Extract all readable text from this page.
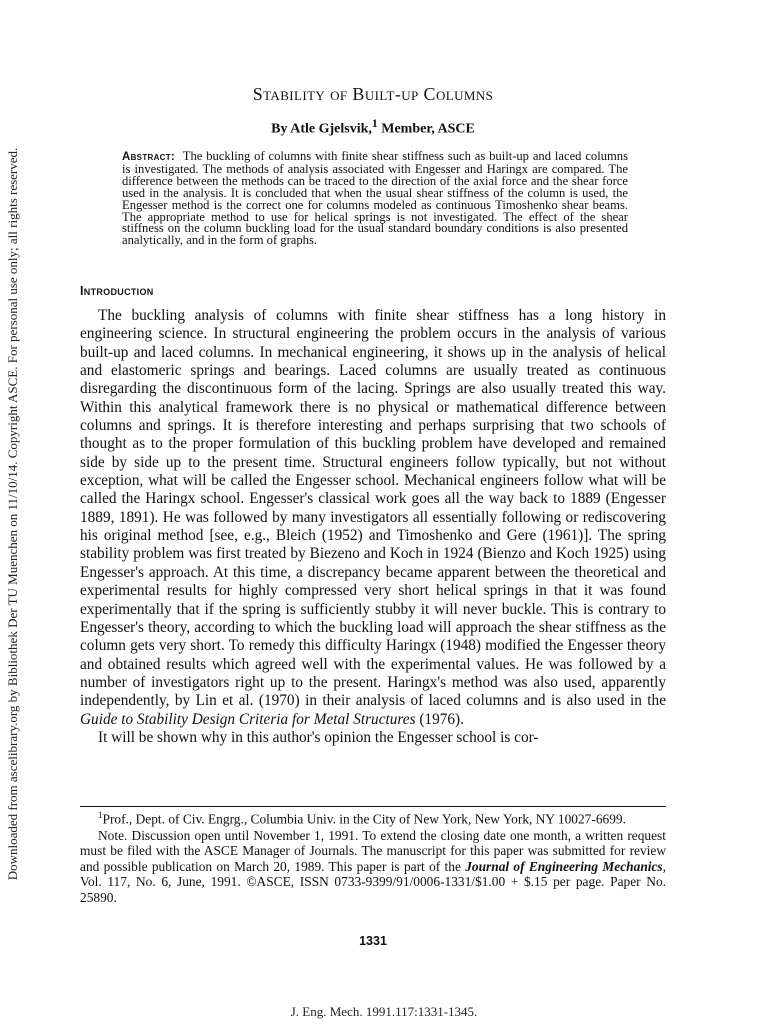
Downloaded from ascelibrary.org by Bibliothek Der TU Muenchen on 11/10/14. Copyright ASCE. For personal use only; all rights reserved.
Stability of Built-up Columns

By Atle Gjelsvik,$^1$ Member, ASCE

Abstract: The buckling of columns with finite shear stiffness such as built-up and laced columns is investigated. The methods of analysis associated with Engesser and Haringx are compared. The difference between the methods can be traced to the direction of the axial force and the shear force used in the analysis. It is concluded that when the usual shear stiffness of the column is used, the Engesser method is the correct one for columns modeled as continuous Timoshenko shear beams. The appropriate method to use for helical springs is not investigated. The effect of the shear stiffness on the column buckling load for the usual standard boundary conditions is also presented analytically, and in the form of graphs.

Introduction

The buckling analysis of columns with finite shear stiffness has a long history in engineering science. In structural engineering the problem occurs in the analysis of various built-up and laced columns. In mechanical engineering, it shows up in the analysis of helical and elastomeric springs and bearings. Laced columns are usually treated as continuous disregarding the discontinuous form of the lacing. Springs are also usually treated this way. Within this analytical framework there is no physical or mathematical difference between columns and springs. It is therefore interesting and perhaps surprising that two schools of thought as to the proper formulation of this buckling problem have developed and remained side by side up to the present time. Structural engineers follow typically, but not without exception, what will be called the Engesser school. Mechanical engineers follow what will be called the Haringx school. Engesser's classical work goes all the way back to 1889 (Engesser 1889, 1891). He was followed by many investigators all essentially following or rediscovering his original method [see, e.g., Bleich (1952) and Timoshenko and Gere (1961)]. The spring stability problem was first treated by Biezeno and Koch in 1924 (Bienzo and Koch 1925) using Engesser's approach. At this time, a discrepancy became apparent between the theoretical and experimental results for highly compressed very short helical springs in that it was found experimentally that if the spring is sufficiently stubby it will never buckle. This is contrary to Engesser's theory, according to which the buckling load will approach the shear stiffness as the column gets very short. To remedy this difficulty Haringx (1948) modified the Engesser theory and obtained results which agreed well with the experimental values. He was followed by a number of investigators right up to the present. Haringx's method was also used, apparently independently, by Lin et al. (1970) in their analysis of laced columns and is also used in the Guide to Stability Design Criteria for Metal Structures (1976).

It will be shown why in this author's opinion the Engesser school is cor-

$^1$Prof., Dept. of Civ. Engrg., Columbia Univ. in the City of New York, New York, NY 10027-6699.

Note. Discussion open until November 1, 1991. To extend the closing date one month, a written request must be filed with the ASCE Manager of Journals. The manuscript for this paper was submitted for review and possible publication on March 20, 1989. This paper is part of the Journal of Engineering Mechanics, Vol. 117, No. 6, June, 1991. ©ASCE, ISSN 0733-9399/91/0006-1331/$1.00 + $.15 per page. Paper No. 25890.

1331
J. Eng. Mech. 1991.117:1331-1345.
